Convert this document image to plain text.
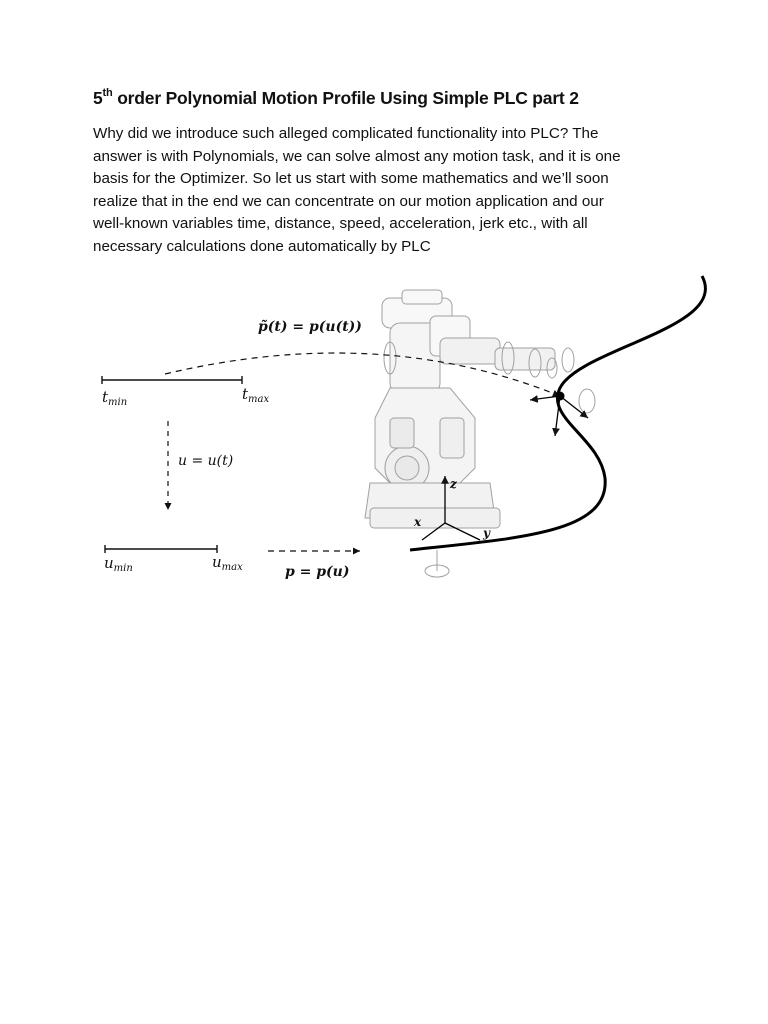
5th order Polynomial Motion Profile Using Simple PLC part 2
Why did we introduce such alleged complicated functionality into PLC? The
answer is with Polynomials, we can solve almost any motion task, and it is one
basis for the Optimizer. So let us start with some mathematics and we’ll soon
realize that in the end we can concentrate on our motion application and our
well-known variables time, distance, speed, acceleration, jerk etc., with all
necessary calculations done automatically by PLC
$t_{min}$	$t_{max}$
u = u(t)
$u_{min}$	$u_{max}$	p = p(u)
p̃(t) = p(u(t))
z
x
y
